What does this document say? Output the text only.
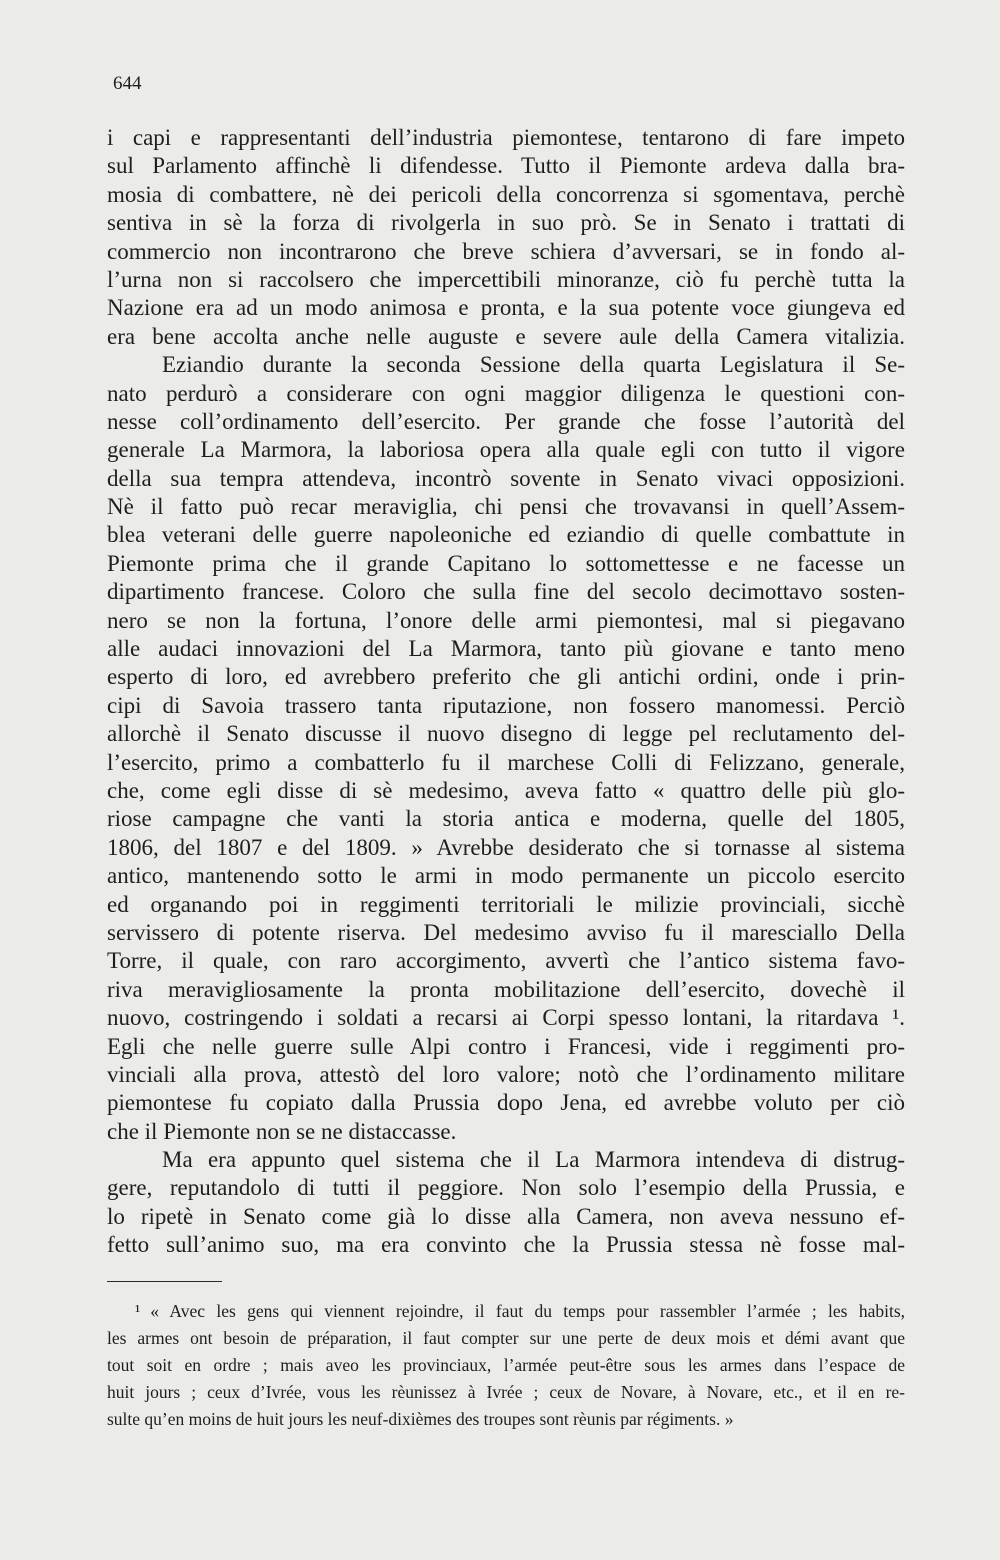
644
i capi e rappresentanti dell’industria piemontese, tentarono di fare impeto
sul Parlamento affinchè li difendesse. Tutto il Piemonte ardeva dalla bra-
mosia di combattere, nè dei pericoli della concorrenza si sgomentava, perchè
sentiva in sè la forza di rivolgerla in suo prò. Se in Senato i trattati di
commercio non incontrarono che breve schiera d’avversari, se in fondo al-
l’urna non si raccolsero che impercettibili minoranze, ciò fu perchè tutta la
Nazione era ad un modo animosa e pronta, e la sua potente voce giungeva ed
era bene accolta anche nelle auguste e severe aule della Camera vitalizia.
Eziandio durante la seconda Sessione della quarta Legislatura il Se-
nato perdurò a considerare con ogni maggior diligenza le questioni con-
nesse coll’ordinamento dell’esercito. Per grande che fosse l’autorità del
generale La Marmora, la laboriosa opera alla quale egli con tutto il vigore
della sua tempra attendeva, incontrò sovente in Senato vivaci opposizioni.
Nè il fatto può recar meraviglia, chi pensi che trovavansi in quell’Assem-
blea veterani delle guerre napoleoniche ed eziandio di quelle combattute in
Piemonte prima che il grande Capitano lo sottomettesse e ne facesse un
dipartimento francese. Coloro che sulla fine del secolo decimottavo sosten-
nero se non la fortuna, l’onore delle armi piemontesi, mal si piegavano
alle audaci innovazioni del La Marmora, tanto più giovane e tanto meno
esperto di loro, ed avrebbero preferito che gli antichi ordini, onde i prin-
cipi di Savoia trassero tanta riputazione, non fossero manomessi. Perciò
allorchè il Senato discusse il nuovo disegno di legge pel reclutamento del-
l’esercito, primo a combatterlo fu il marchese Colli di Felizzano, generale,
che, come egli disse di sè medesimo, aveva fatto « quattro delle più glo-
riose campagne che vanti la storia antica e moderna, quelle del 1805,
1806, del 1807 e del 1809. » Avrebbe desiderato che si tornasse al sistema
antico, mantenendo sotto le armi in modo permanente un piccolo esercito
ed organando poi in reggimenti territoriali le milizie provinciali, sicchè
servissero di potente riserva. Del medesimo avviso fu il maresciallo Della
Torre, il quale, con raro accorgimento, avvertì che l’antico sistema favo-
riva meravigliosamente la pronta mobilitazione dell’esercito, dovechè il
nuovo, costringendo i soldati a recarsi ai Corpi spesso lontani, la ritardava ¹.
Egli che nelle guerre sulle Alpi contro i Francesi, vide i reggimenti pro-
vinciali alla prova, attestò del loro valore; notò che l’ordinamento militare
piemontese fu copiato dalla Prussia dopo Jena, ed avrebbe voluto per ciò
che il Piemonte non se ne distaccasse.
Ma era appunto quel sistema che il La Marmora intendeva di distrug-
gere, reputandolo di tutti il peggiore. Non solo l’esempio della Prussia, e
lo ripetè in Senato come già lo disse alla Camera, non aveva nessuno ef-
fetto sull’animo suo, ma era convinto che la Prussia stessa nè fosse mal-
¹ « Avec les gens qui viennent rejoindre, il faut du temps pour rassembler l’armée ; les habits,
les armes ont besoin de préparation, il faut compter sur une perte de deux mois et démi avant que
tout soit en ordre ; mais aveo les provinciaux, l’armée peut-être sous les armes dans l’espace de
huit jours ; ceux d’Ivrée, vous les rèunissez à Ivrée ; ceux de Novare, à Novare, etc., et il en re-
sulte qu’en moins de huit jours les neuf-dixièmes des troupes sont rèunis par régiments. »
